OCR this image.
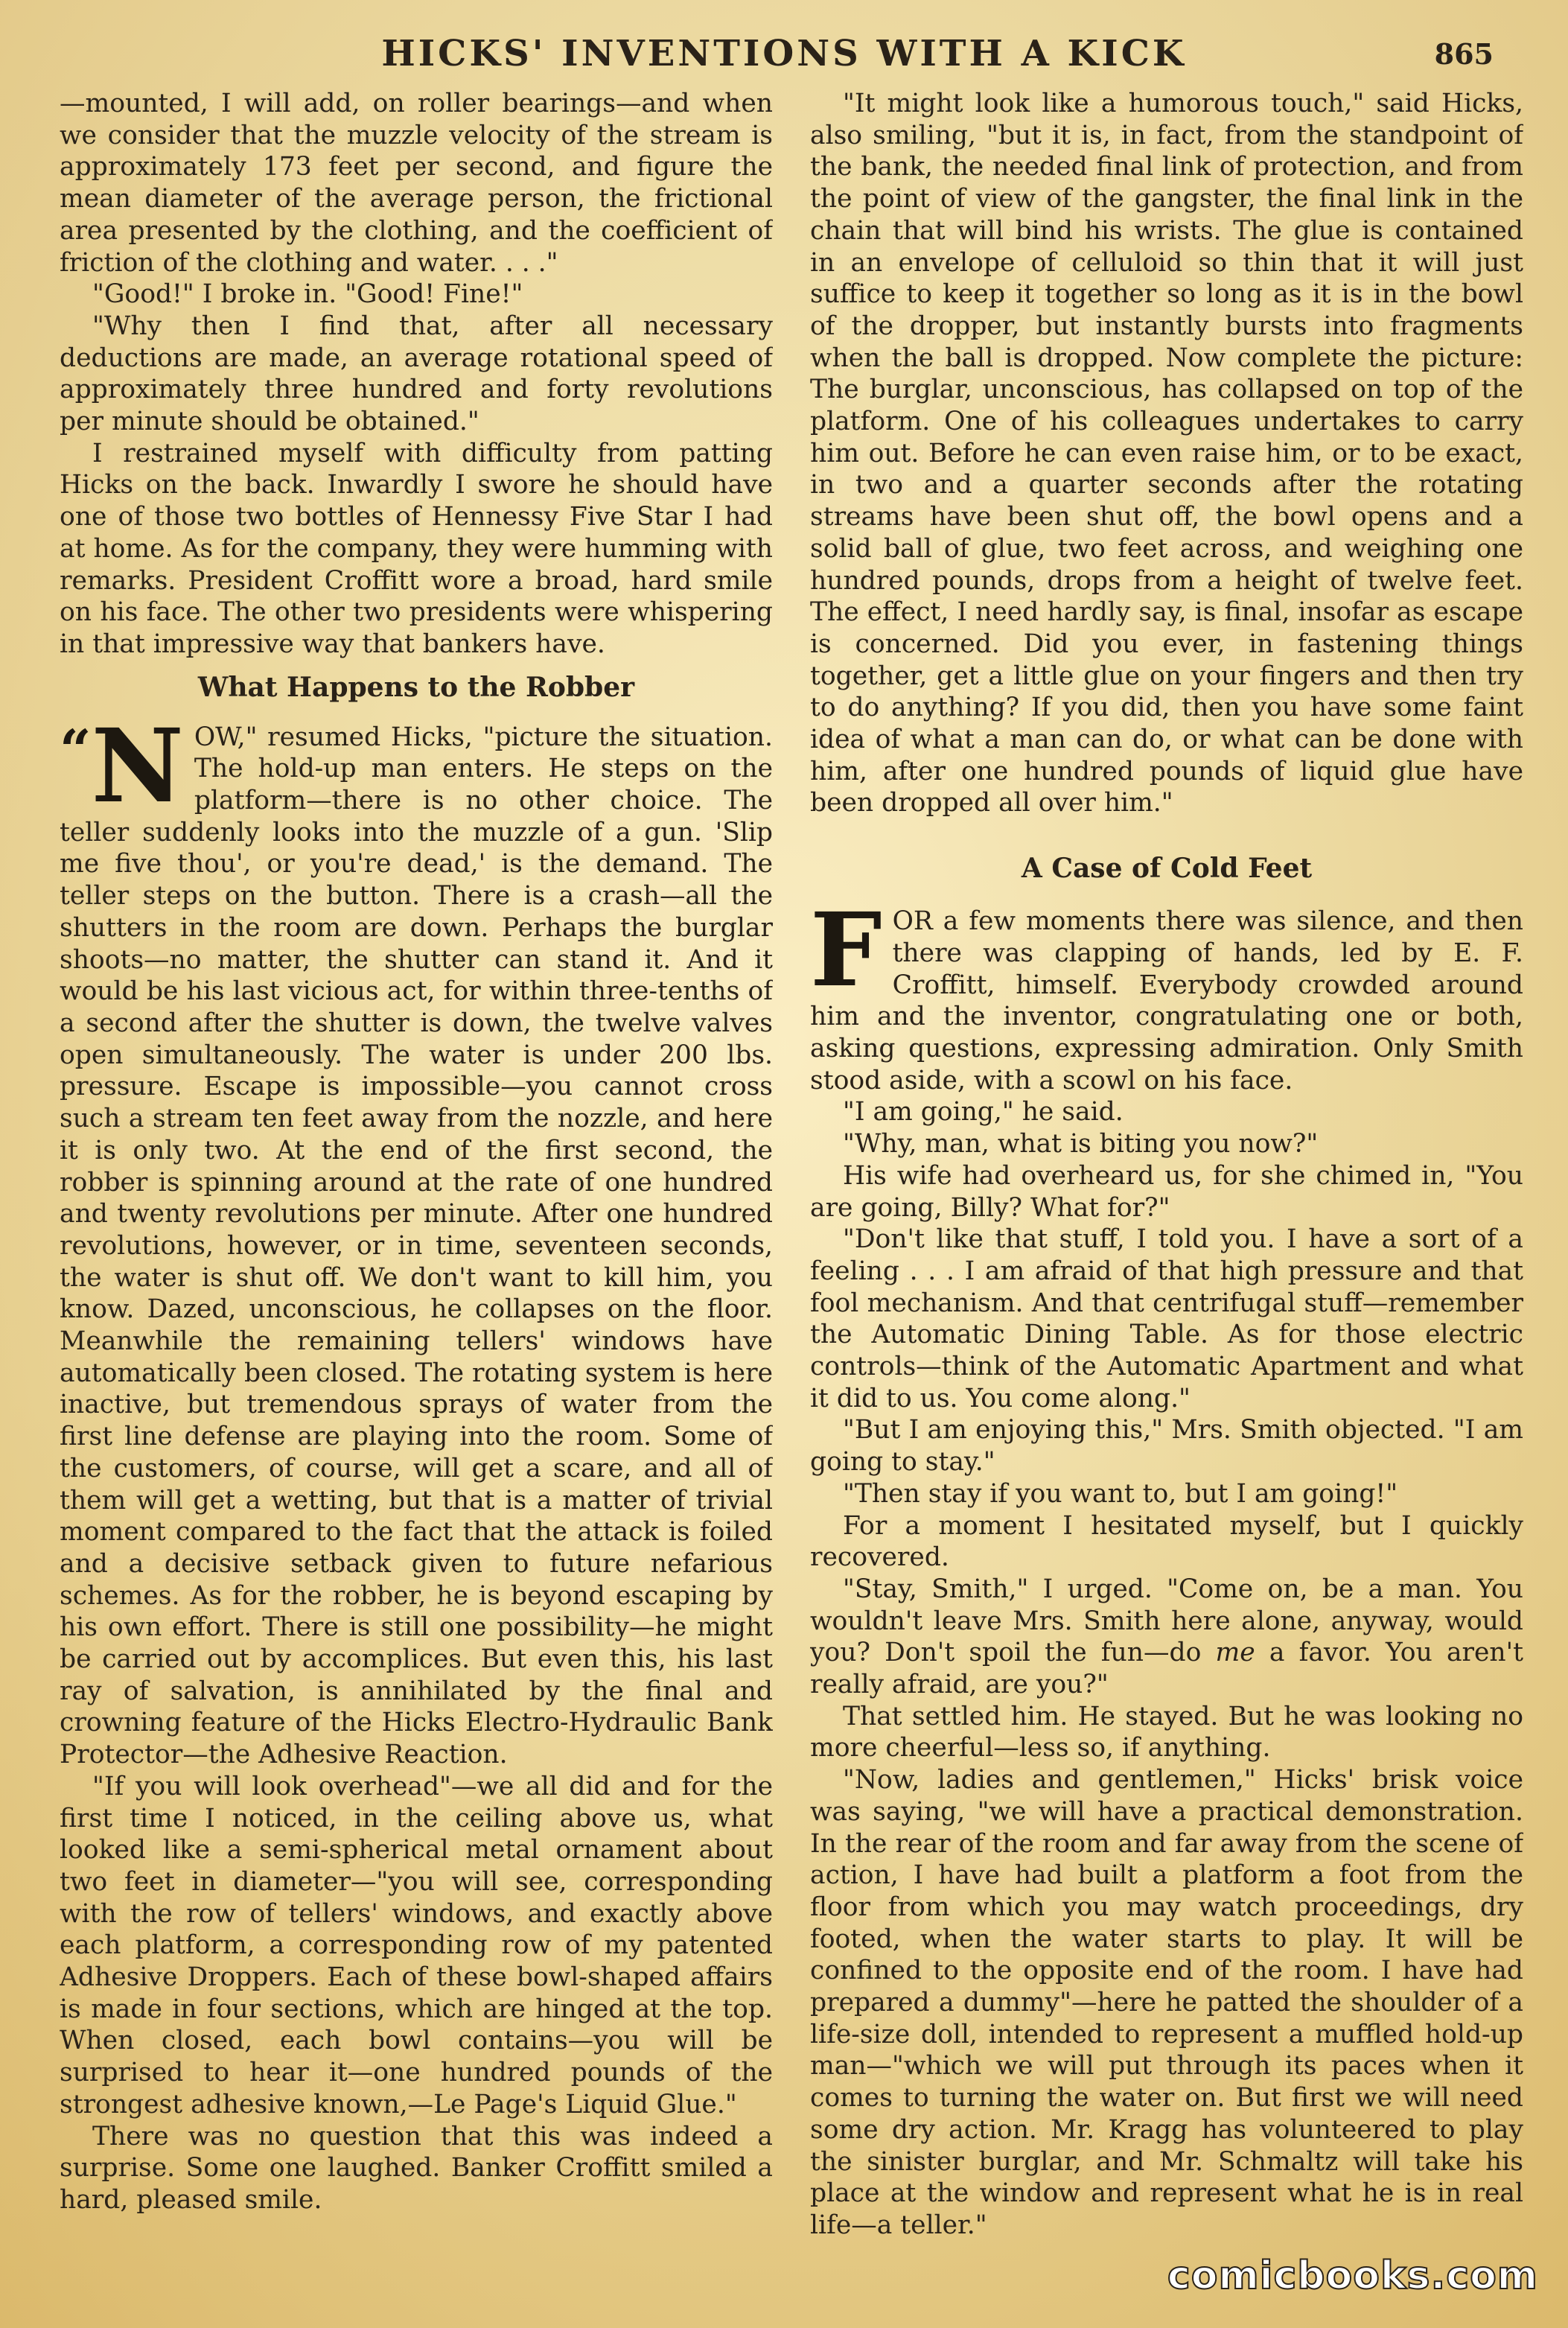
HICKS' INVENTIONS WITH A KICK	865

—mounted, I will add, on roller bearings—and when we consider that the muzzle velocity of the stream is approximately 173 feet per second, and figure the mean diameter of the average person, the frictional area presented by the clothing, and the coefficient of friction of the clothing and water. . . ."

"Good!" I broke in. "Good! Fine!"

"Why then I find that, after all necessary deductions are made, an average rotational speed of approximately three hundred and forty revolutions per minute should be obtained."

I restrained myself with difficulty from patting Hicks on the back. Inwardly I swore he should have one of those two bottles of Hennessy Five Star I had at home. As for the company, they were humming with remarks. President Croffitt wore a broad, hard smile on his face. The other two presidents were whispering in that impressive way that bankers have.

What Happens to the Robber

“N OW," resumed Hicks, "picture the situation. The hold-up man enters. He steps on the platform—there is no other choice. The teller suddenly looks into the muzzle of a gun. 'Slip me five thou', or you're dead,' is the demand. The teller steps on the button. There is a crash—all the shutters in the room are down. Perhaps the burglar shoots—no matter, the shutter can stand it. And it would be his last vicious act, for within three-tenths of a second after the shutter is down, the twelve valves open simultaneously. The water is under 200 lbs. pressure. Escape is impossible—you cannot cross such a stream ten feet away from the nozzle, and here it is only two. At the end of the first second, the robber is spinning around at the rate of one hundred and twenty revolutions per minute. After one hundred revolutions, however, or in time, seventeen seconds, the water is shut off. We don't want to kill him, you know. Dazed, unconscious, he collapses on the floor. Meanwhile the remaining tellers' windows have automatically been closed. The rotating system is here inactive, but tremendous sprays of water from the first line defense are playing into the room. Some of the customers, of course, will get a scare, and all of them will get a wetting, but that is a matter of trivial moment compared to the fact that the attack is foiled and a decisive setback given to future nefarious schemes. As for the robber, he is beyond escaping by his own effort. There is still one possibility—he might be carried out by accomplices. But even this, his last ray of salvation, is annihilated by the final and crowning feature of the Hicks Electro-Hydraulic Bank Protector—the Adhesive Reaction.

"If you will look overhead"—we all did and for the first time I noticed, in the ceiling above us, what looked like a semi-spherical metal ornament about two feet in diameter—"you will see, corresponding with the row of tellers' windows, and exactly above each platform, a corresponding row of my patented Adhesive Droppers. Each of these bowl-shaped affairs is made in four sections, which are hinged at the top. When closed, each bowl contains—you will be surprised to hear it—one hundred pounds of the strongest adhesive known,—Le Page's Liquid Glue."

There was no question that this was indeed a surprise. Some one laughed. Banker Croffitt smiled a hard, pleased smile.

"It might look like a humorous touch," said Hicks, also smiling, "but it is, in fact, from the standpoint of the bank, the needed final link of protection, and from the point of view of the gangster, the final link in the chain that will bind his wrists. The glue is contained in an envelope of celluloid so thin that it will just suffice to keep it together so long as it is in the bowl of the dropper, but instantly bursts into fragments when the ball is dropped. Now complete the picture: The burglar, unconscious, has collapsed on top of the platform. One of his colleagues undertakes to carry him out. Before he can even raise him, or to be exact, in two and a quarter seconds after the rotating streams have been shut off, the bowl opens and a solid ball of glue, two feet across, and weighing one hundred pounds, drops from a height of twelve feet. The effect, I need hardly say, is final, insofar as escape is concerned. Did you ever, in fastening things together, get a little glue on your fingers and then try to do anything? If you did, then you have some faint idea of what a man can do, or what can be done with him, after one hundred pounds of liquid glue have been dropped all over him."

A Case of Cold Feet

FOR a few moments there was silence, and then there was clapping of hands, led by E. F. Croffitt, himself. Everybody crowded around him and the inventor, congratulating one or both, asking questions, expressing admiration. Only Smith stood aside, with a scowl on his face.

"I am going," he said.

"Why, man, what is biting you now?"

His wife had overheard us, for she chimed in, "You are going, Billy? What for?"

"Don't like that stuff, I told you. I have a sort of a feeling . . . I am afraid of that high pressure and that fool mechanism. And that centrifugal stuff—remember the Automatic Dining Table. As for those electric controls—think of the Automatic Apartment and what it did to us. You come along."

"But I am enjoying this," Mrs. Smith objected. "I am going to stay."

"Then stay if you want to, but I am going!"

For a moment I hesitated myself, but I quickly recovered.

"Stay, Smith," I urged. "Come on, be a man. You wouldn't leave Mrs. Smith here alone, anyway, would you? Don't spoil the fun—do me a favor. You aren't really afraid, are you?"

That settled him. He stayed. But he was looking no more cheerful—less so, if anything.

"Now, ladies and gentlemen," Hicks' brisk voice was saying, "we will have a practical demonstration. In the rear of the room and far away from the scene of action, I have had built a platform a foot from the floor from which you may watch proceedings, dry footed, when the water starts to play. It will be confined to the opposite end of the room. I have had prepared a dummy"—here he patted the shoulder of a life-size doll, intended to represent a muffled hold-up man—"which we will put through its paces when it comes to turning the water on. But first we will need some dry action. Mr. Kragg has volunteered to play the sinister burglar, and Mr. Schmaltz will take his place at the window and represent what he is in real life—a teller."

comicbooks.com
